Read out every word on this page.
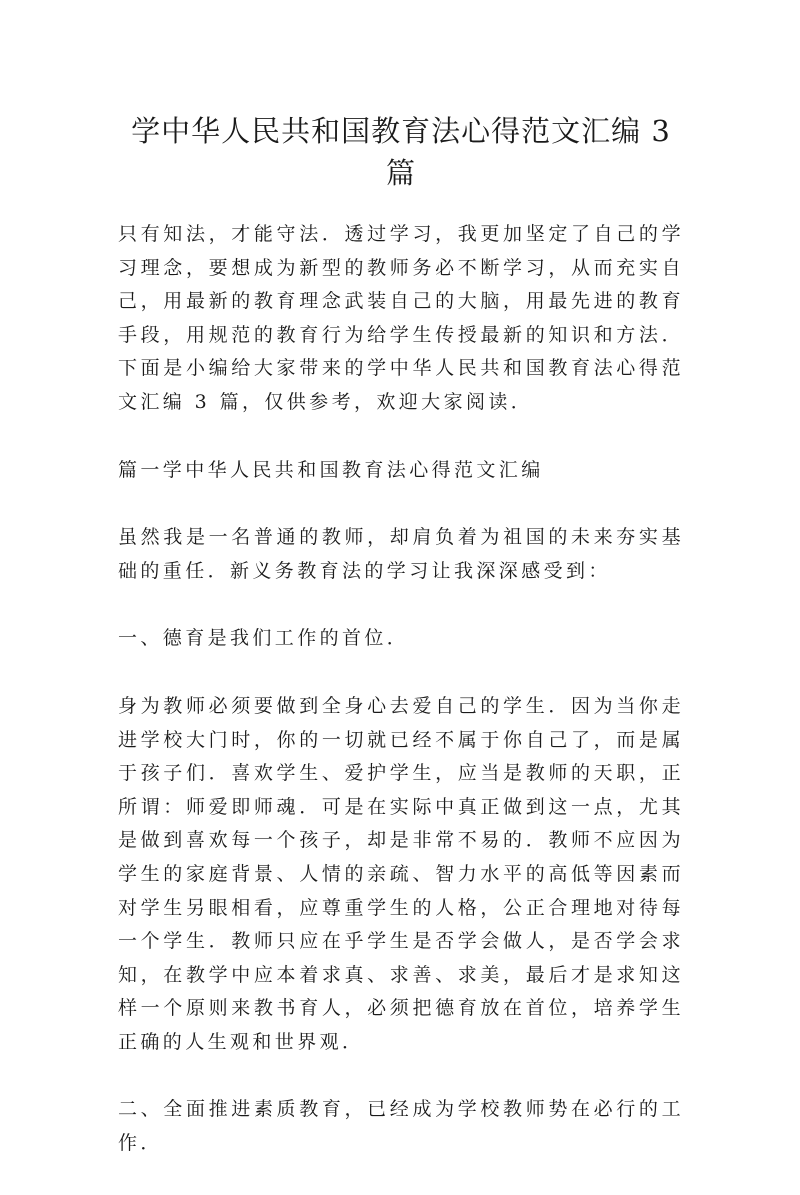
学中华人民共和国教育法心得范文汇编 3 篇

只有知法，才能守法．透过学习，我更加坚定了自己的学习理念，要想成为新型的教师务必不断学习，从而充实自己，用最新的教育理念武装自己的大脑，用最先进的教育手段，用规范的教育行为给学生传授最新的知识和方法．下面是小编给大家带来的学中华人民共和国教育法心得范文汇编 3 篇，仅供参考，欢迎大家阅读．

篇一学中华人民共和国教育法心得范文汇编

虽然我是一名普通的教师，却肩负着为祖国的未来夯实基础的重任．新义务教育法的学习让我深深感受到：

一、德育是我们工作的首位．

身为教师必须要做到全身心去爱自己的学生．因为当你走进学校大门时，你的一切就已经不属于你自己了，而是属于孩子们．喜欢学生、爱护学生，应当是教师的天职，正所谓：师爱即师魂．可是在实际中真正做到这一点，尤其是做到喜欢每一个孩子，却是非常不易的．教师不应因为学生的家庭背景、人情的亲疏、智力水平的高低等因素而对学生另眼相看，应尊重学生的人格，公正合理地对待每一个学生．教师只应在乎学生是否学会做人，是否学会求知，在教学中应本着求真、求善、求美，最后才是求知这样一个原则来教书育人，必须把德育放在首位，培养学生正确的人生观和世界观．

二、全面推进素质教育，已经成为学校教师势在必行的工作．
